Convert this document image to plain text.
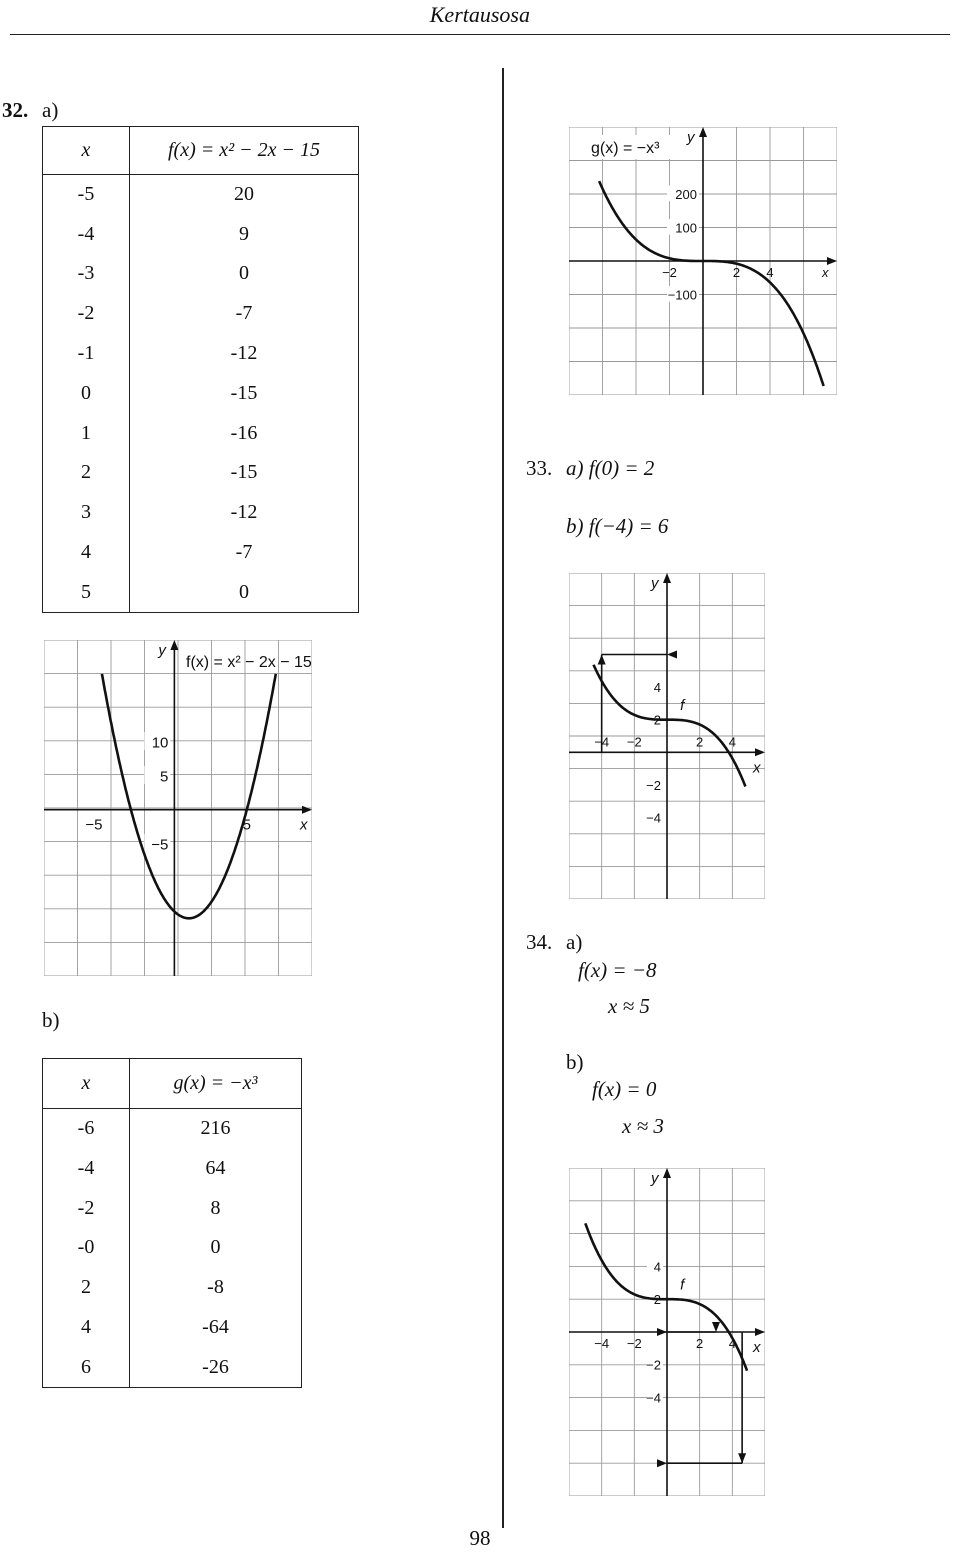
Kertausosa
32. a)
x	f(x) = x² − 2x − 15
-5	20
-4	9
-3	0
-2	-7
-1	-12
0	-15
1	-16
2	-15
3	-12
4	-7
5	0
−5	5
10
5
−5
f(x) = x² − 2x − 15
x
y
b)
x	g(x) = −x³
-6	216
-4	64
-2	8
-0	0
2	-8
4	-64
6	-26
−2	2 4	x
200
100
−100
g(x) = −x³
y
33. a) f(0) = 2
b) f(−4) = 6
−4 −2	2 4
4
2
−2
−4
f
x
y
34. a)
f(x) = −8
x ≈ 5
b)
f(x) = 0
x ≈ 3
−4 −2	2 4
4
2
−2
−4
f
x
y
98
